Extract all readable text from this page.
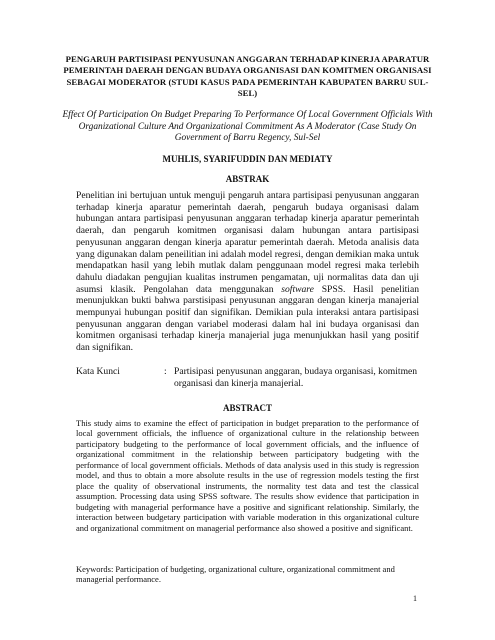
PENGARUH PARTISIPASI PENYUSUNAN ANGGARAN TERHADAP KINERJA APARATUR PEMERINTAH DAERAH DENGAN BUDAYA ORGANISASI DAN KOMITMEN ORGANISASI SEBAGAI MODERATOR (STUDI KASUS PADA PEMERINTAH KABUPATEN BARRU SUL-SEL)
Effect Of Participation On Budget Preparing To Performance Of Local Government Officials With Organizational Culture And Organizational Commitment As A Moderator (Case Study On Government of Barru Regency, Sul-Sel
MUHLIS, SYARIFUDDIN DAN MEDIATY
ABSTRAK

Penelitian ini bertujuan untuk menguji pengaruh antara partisipasi penyusunan anggaran terhadap kinerja aparatur pemerintah daerah, pengaruh budaya organisasi dalam hubungan antara partisipasi penyusunan anggaran terhadap kinerja aparatur pemerintah daerah, dan pengaruh komitmen organisasi dalam hubungan antara partisipasi penyusunan anggaran dengan kinerja aparatur pemerintah daerah. Metoda analisis data yang digunakan dalam peneilitian ini adalah model regresi, dengan demikian maka untuk mendapatkan hasil yang lebih mutlak dalam penggunaan model regresi maka terlebih dahulu diadakan pengujian kualitas instrumen pengamatan, uji normalitas data dan uji asumsi klasik. Pengolahan data menggunakan software SPSS. Hasil penelitian menunjukkan bukti bahwa parstisipasi penyusunan anggaran dengan kinerja manajerial mempunyai hubungan positif dan signifikan. Demikian pula interaksi antara partisipasi penyusunan anggaran dengan variabel moderasi dalam hal ini budaya organisasi dan komitmen organisasi terhadap kinerja manajerial juga menunjukkan hasil yang positif dan signifikan.

Kata Kunci	: Partisipasi penyusunan anggaran, budaya organisasi, komitmen organisasi dan kinerja manajerial.
ABSTRACT

This study aims to examine the effect of participation in budget preparation to the performance of local government officials, the influence of organizational culture in the relationship between participatory budgeting to the performance of local government officials, and the influence of organizational commitment in the relationship between participatory budgeting with the performance of local government officials. Methods of data analysis used in this study is regression model, and thus to obtain a more absolute results in the use of regression models testing the first place the quality of observational instruments, the normality test data and test the classical assumption. Processing data using SPSS software. The results show evidence that participation in budgeting with managerial performance have a positive and significant relationship. Similarly, the interaction between budgetary participation with variable moderation in this organizational culture and organizational commitment on managerial performance also showed a positive and significant.

Keywords: Participation of budgeting, organizational culture, organizational commitment and managerial performance.

1
